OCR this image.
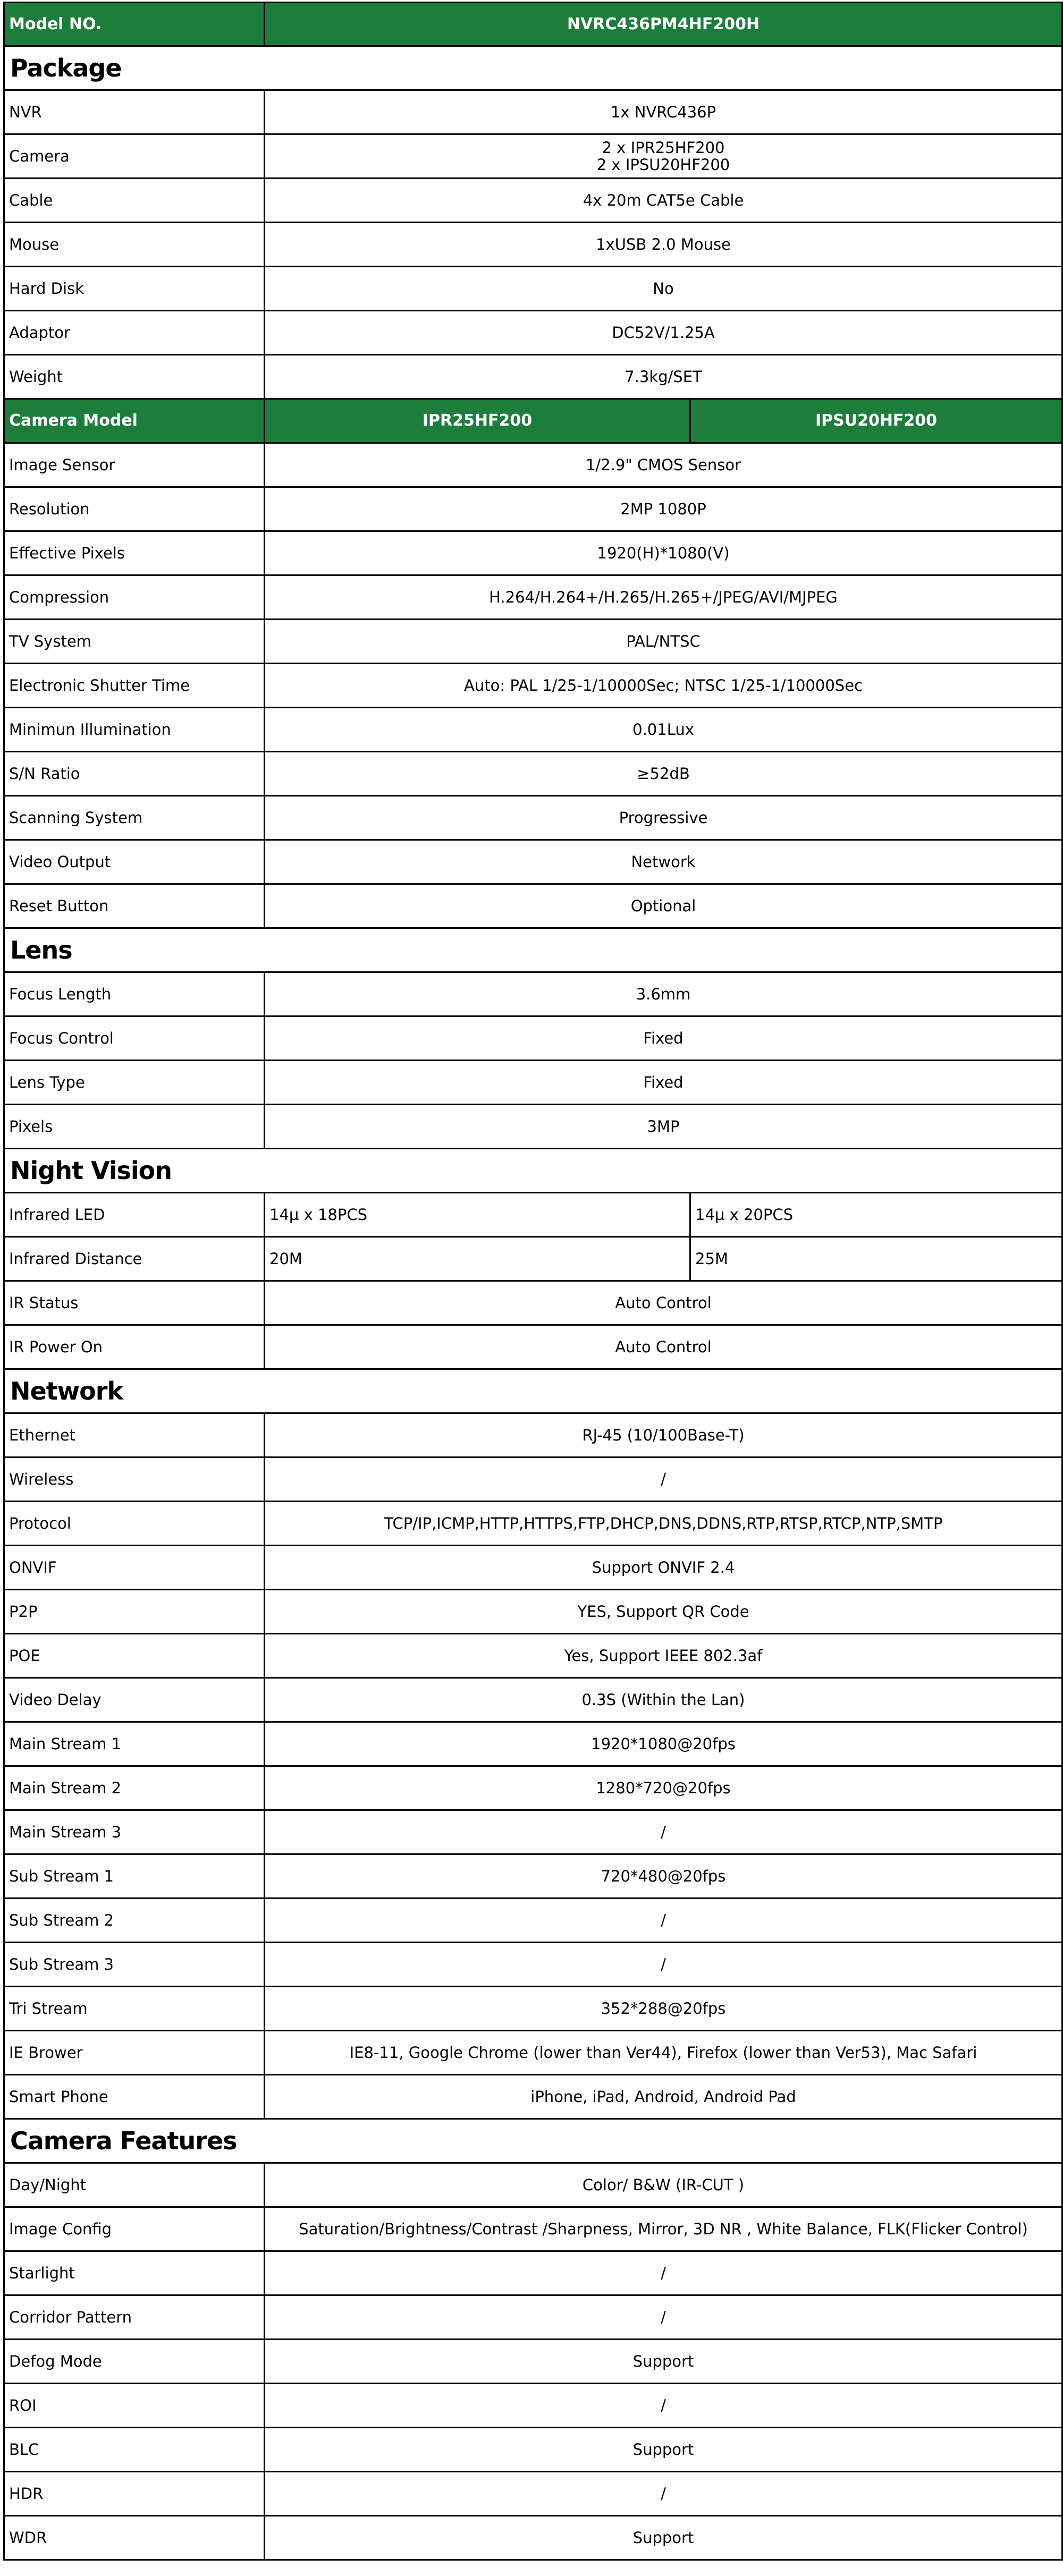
Model NO.	NVRC436PM4HF200H	
Package		
NVR	1x NVRC436P	
Camera	2 x IPR25HF200
2 x IPSU20HF200	

Cable	4x 20m CAT5e Cable	
Mouse	1xUSB 2.0 Mouse	
Hard Disk	No	
Adaptor	DC52V/1.25A	
Weight	7.3kg/SET	
Camera Model	IPR25HF200	IPSU20HF200
Image Sensor	1/2.9" CMOS Sensor	
Resolution	2MP 1080P	
Effective Pixels	1920(H)*1080(V)	
Compression	H.264/H.264+/H.265/H.265+/JPEG/AVI/MJPEG	
TV System	PAL/NTSC	
Electronic Shutter Time	Auto: PAL 1/25-1/10000Sec; NTSC 1/25-1/10000Sec	
Minimun Illumination	0.01Lux	
S/N Ratio	≥52dB	
Scanning System	Progressive	
Video Output	Network	
Reset Button	Optional	
Lens		
Focus Length	3.6mm	
Focus Control	Fixed	
Lens Type	Fixed	
Pixels	3MP	
Night Vision		
Infrared LED	14µ x 18PCS	14µ x 20PCS
Infrared Distance	20M	25M
IR Status	Auto Control	
IR Power On	Auto Control	
Network		
Ethernet	RJ-45 (10/100Base-T)	
Wireless	/	
Protocol	TCP/IP,ICMP,HTTP,HTTPS,FTP,DHCP,DNS,DDNS,RTP,RTSP,RTCP,NTP,SMTP	
ONVIF	Support ONVIF 2.4	
P2P	YES, Support QR Code	
POE	Yes, Support IEEE 802.3af	
Video Delay	0.3S (Within the Lan)	
Main Stream 1	1920*1080@20fps	
Main Stream 2	1280*720@20fps	
Main Stream 3	/	
Sub Stream 1	720*480@20fps	
Sub Stream 2	/	
Sub Stream 3	/	
Tri Stream	352*288@20fps	
IE Brower	IE8-11, Google Chrome (lower than Ver44), Firefox (lower than Ver53), Mac Safari	
Smart Phone	iPhone, iPad, Android, Android Pad	
Camera Features		
Day/Night	Color/ B&W (IR-CUT )	
Image Config	Saturation/Brightness/Contrast /Sharpness, Mirror, 3D NR , White Balance, FLK(Flicker Control)	
Starlight	/	
Corridor Pattern	/	
Defog Mode	Support	
ROI	/	
BLC	Support	
HDR	/	
WDR	Support	
